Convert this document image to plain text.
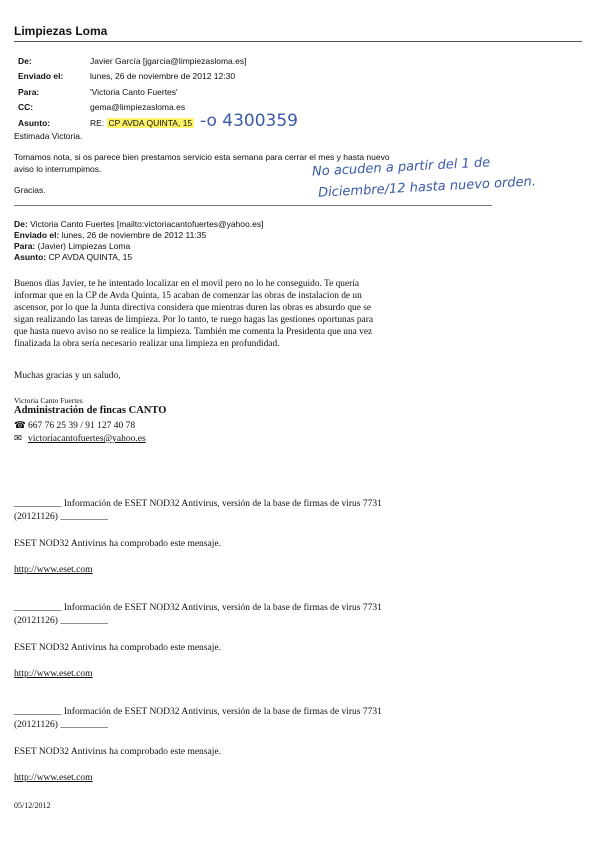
Limpiezas Loma
De:	Javier García [jgarcia@limpiezasloma.es]
Enviado el:	lunes, 26 de noviembre de 2012 12:30
Para:	'Victoria Canto Fuertes'
CC:	gema@limpiezasloma.es
Asunto:	RE: CP AVDA QUINTA, 15 -o 4300359
Estimada Victoria.
Tomamos nota, si os parece bien prestamos servicio esta semana para cerrar el mes y hasta nuevo
aviso lo interrumpimos.
Gracias.
No acuden a partir del 1 de
Diciembre/12 hasta nuevo orden.
De: Victoria Canto Fuertes [mailto:victoriacantofuertes@yahoo.es]
Enviado el: lunes, 26 de noviembre de 2012 11:35
Para: (Javier) Limpiezas Loma
Asunto: CP AVDA QUINTA, 15
Buenos dias Javier, te he intentado localizar en el movil pero no lo he conseguido. Te quería
informar que en la CP de Avda Quinta, 15 acaban de comenzar las obras de instalacion de un
ascensor, por lo que la Junta directiva considera que mientras duren las obras es absurdo que se
sigan realizando las tareas de limpieza. Por lo tanto, te ruego hagas las gestiones oportunas para
que hasta nuevo aviso no se realice la limpieza. También me comenta la Presidenta que una vez
finalizada la obra sería necesario realizar una limpieza en profundidad.
Muchas gracias y un saludo,
Victoria Canto Fuertes
Administración de fincas CANTO
☎ 667 76 25 39 / 91 127 40 78
✉ victoriacantofuertes@yahoo.es
__________ Información de ESET NOD32 Antivirus, versión de la base de firmas de virus 7731
(20121126) __________
ESET NOD32 Antivirus ha comprobado este mensaje.
http://www.eset.com
__________ Información de ESET NOD32 Antivirus, versión de la base de firmas de virus 7731
(20121126) __________
ESET NOD32 Antivirus ha comprobado este mensaje.
http://www.eset.com
__________ Información de ESET NOD32 Antivirus, versión de la base de firmas de virus 7731
(20121126) __________
ESET NOD32 Antivirus ha comprobado este mensaje.
http://www.eset.com
05/12/2012
